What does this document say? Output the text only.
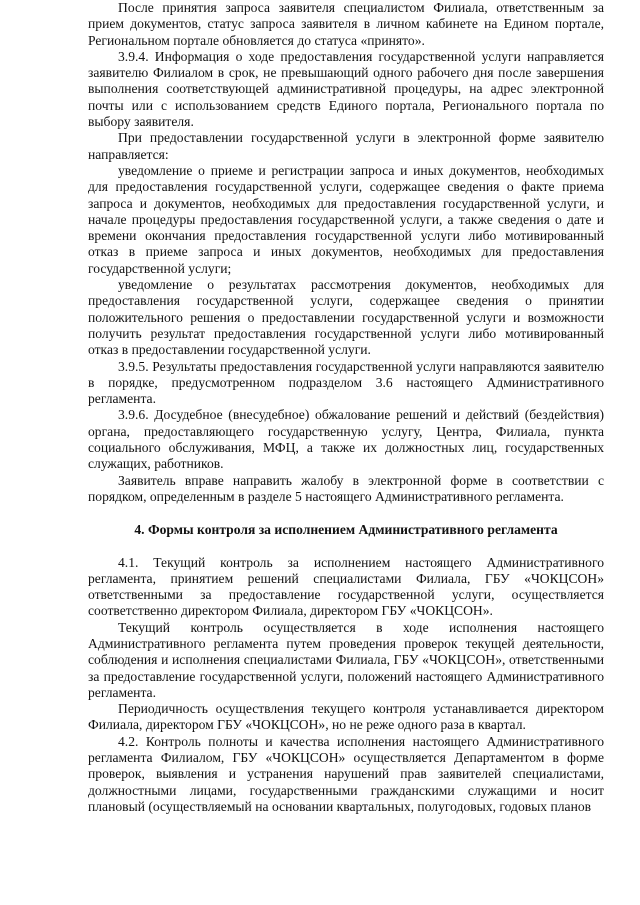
После принятия запроса заявителя специалистом Филиала, ответственным за прием документов, статус запроса заявителя в личном кабинете на Едином портале, Региональном портале обновляется до статуса «принято».

3.9.4. Информация о ходе предоставления государственной услуги направляется заявителю Филиалом в срок, не превышающий одного рабочего дня после завершения выполнения соответствующей административной процедуры, на адрес электронной почты или с использованием средств Единого портала, Регионального портала по выбору заявителя.

При предоставлении государственной услуги в электронной форме заявителю направляется:

уведомление о приеме и регистрации запроса и иных документов, необходимых для предоставления государственной услуги, содержащее сведения о факте приема запроса и документов, необходимых для предоставления государственной услуги, и начале процедуры предоставления государственной услуги, а также сведения о дате и времени окончания предоставления государственной услуги либо мотивированный отказ в приеме запроса и иных документов, необходимых для предоставления государственной услуги;

уведомление о результатах рассмотрения документов, необходимых для предоставления государственной услуги, содержащее сведения о принятии положительного решения о предоставлении государственной услуги и возможности получить результат предоставления государственной услуги либо мотивированный отказ в предоставлении государственной услуги.

3.9.5. Результаты предоставления государственной услуги направляются заявителю в порядке, предусмотренном подразделом 3.6 настоящего Административного регламента.

3.9.6. Досудебное (внесудебное) обжалование решений и действий (бездействия) органа, предоставляющего государственную услугу, Центра, Филиала, пункта социального обслуживания, МФЦ, а также их должностных лиц, государственных служащих, работников.

Заявитель вправе направить жалобу в электронной форме в соответствии с порядком, определенным в разделе 5 настоящего Административного регламента.

4. Формы контроля за исполнением Административного регламента

4.1. Текущий контроль за исполнением настоящего Административного регламента, принятием решений специалистами Филиала, ГБУ «ЧОКЦСОН» ответственными за предоставление государственной услуги, осуществляется соответственно директором Филиала, директором ГБУ «ЧОКЦСОН».

Текущий контроль осуществляется в ходе исполнения настоящего Административного регламента путем проведения проверок текущей деятельности, соблюдения и исполнения специалистами Филиала, ГБУ «ЧОКЦСОН», ответственными за предоставление государственной услуги, положений настоящего Административного регламента.

Периодичность осуществления текущего контроля устанавливается директором Филиала, директором ГБУ «ЧОКЦСОН», но не реже одного раза в квартал.

4.2. Контроль полноты и качества исполнения настоящего Административного регламента Филиалом, ГБУ «ЧОКЦСОН» осуществляется Департаментом в форме проверок, выявления и устранения нарушений прав заявителей специалистами, должностными лицами, государственными гражданскими служащими и носит плановый (осуществляемый на основании квартальных, полугодовых, годовых планов
